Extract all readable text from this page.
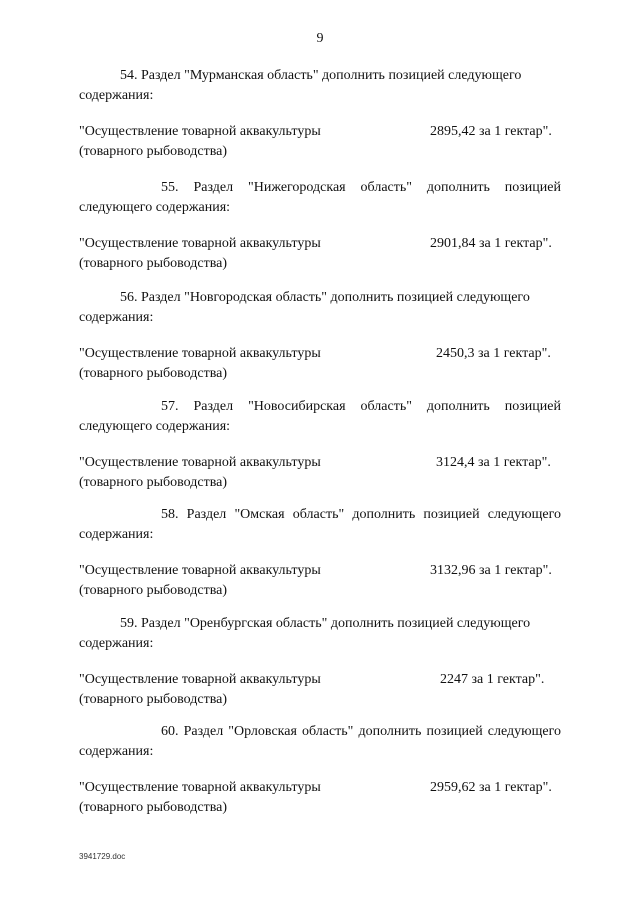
9
54. Раздел "Мурманская область" дополнить позицией следующего
содержания:
"Осуществление товарной аквакультуры
(товарного рыбоводства)
2895,42 за 1 гектар".
55. Раздел "Нижегородская область" дополнить позицией
следующего содержания:
"Осуществление товарной аквакультуры
(товарного рыбоводства)
2901,84 за 1 гектар".
56. Раздел "Новгородская область" дополнить позицией следующего
содержания:
"Осуществление товарной аквакультуры
(товарного рыбоводства)
2450,3 за 1 гектар".
57. Раздел "Новосибирская область" дополнить позицией
следующего содержания:
"Осуществление товарной аквакультуры
(товарного рыбоводства)
3124,4 за 1 гектар".
58. Раздел "Омская область" дополнить позицией следующего
содержания:
"Осуществление товарной аквакультуры
(товарного рыбоводства)
3132,96 за 1 гектар".
59. Раздел "Оренбургская область" дополнить позицией следующего
содержания:
"Осуществление товарной аквакультуры
(товарного рыбоводства)
2247 за 1 гектар".
60. Раздел "Орловская область" дополнить позицией следующего
содержания:
"Осуществление товарной аквакультуры
(товарного рыбоводства)
2959,62 за 1 гектар".
3941729.doc
